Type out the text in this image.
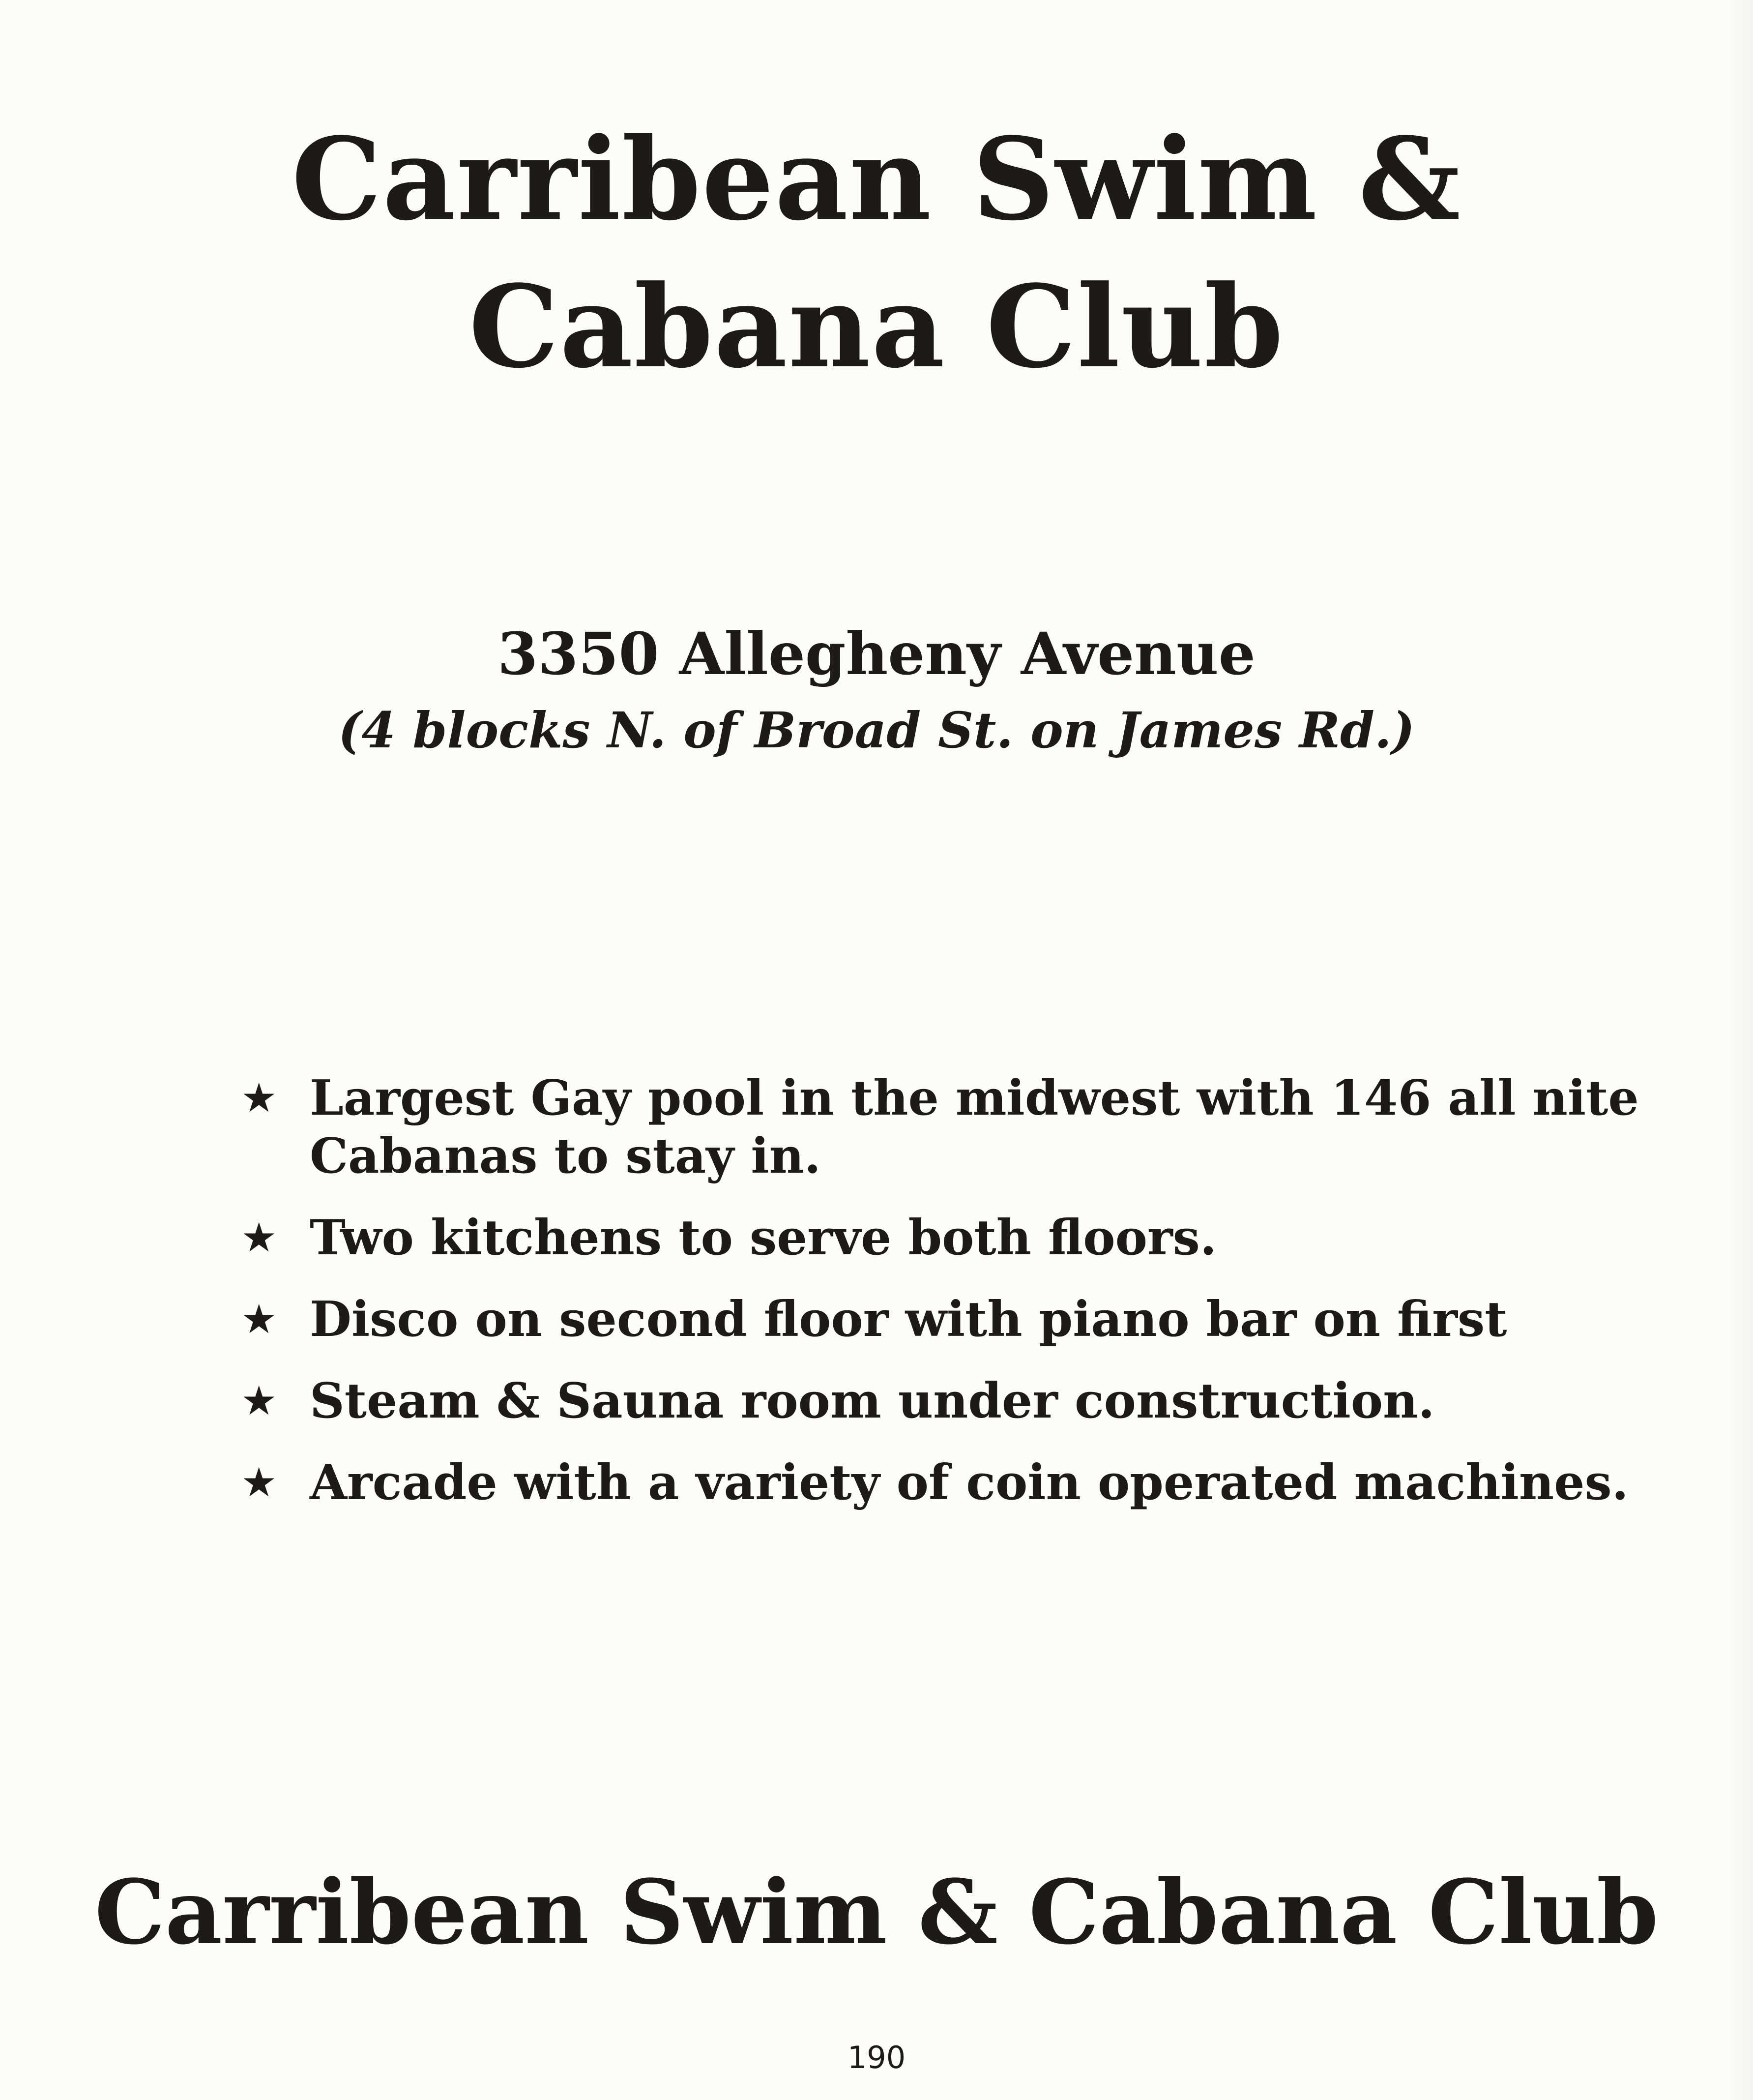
Carribean Swim &
Cabana Club

3350 Allegheny Avenue

(4 blocks N. of Broad St. on James Rd.)

★ Largest Gay pool in the midwest with 146 all nite Cabanas to stay in.
★ Two kitchens to serve both floors.
★ Disco on second floor with piano bar on first
★ Steam & Sauna room under construction.
★ Arcade with a variety of coin operated machines.
Carribean Swim & Cabana Club
190
